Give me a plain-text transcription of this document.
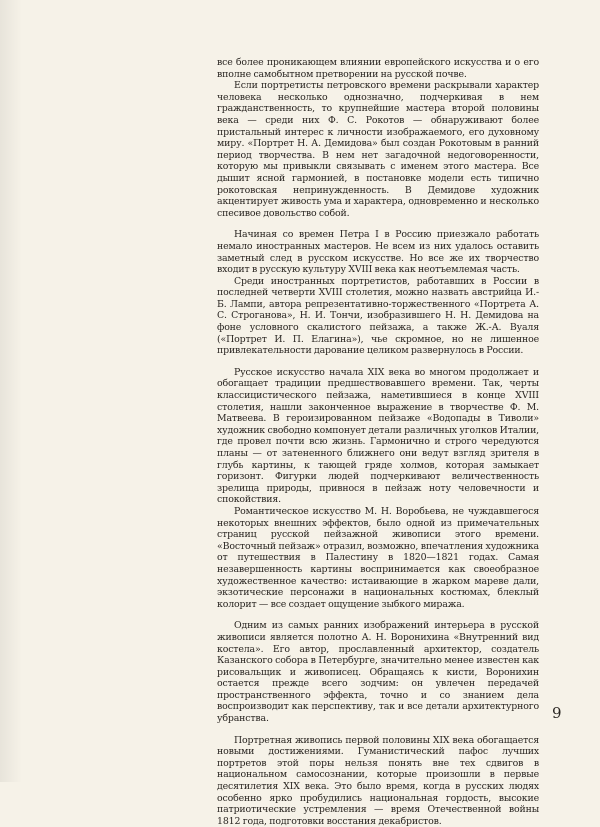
все более проникающем влиянии европейского искусства и о его вполне самобытном претворении на русской почве.

Если портретисты петровского времени раскрывали характер человека несколько однозначно, подчеркивая в нем гражданственность, то крупнейшие мастера второй половины века — среди них Ф. С. Рокотов — обнаруживают более пристальный интерес к личности изображаемого, его духовному миру. «Портрет Н. А. Демидова» был создан Рокотовым в ранний период творчества. В нем нет загадочной недоговоренности, которую мы привыкли связывать с именем этого мастера. Все дышит ясной гармонией, в постановке модели есть типично рокотовская непринужденность. В Демидове художник акцентирует живость ума и характера, одновременно и несколько спесивое довольство собой.

Начиная со времен Петра I в Россию приезжало работать немало иностранных мастеров. Не всем из них удалось оставить заметный след в русском искусстве. Но все же их творчество входит в русскую культуру XVIII века как неотъемлемая часть.

Среди иностранных портретистов, работавших в России в последней четверти XVIII столетия, можно назвать австрийца И.-Б. Лампи, автора репрезентативно-торжественного «Портрета А. С. Строганова», Н. И. Тончи, изобразившего Н. Н. Демидова на фоне условного скалистого пейзажа, а также Ж.-А. Вуаля («Портрет И. П. Елагина»), чье скромное, но не лишенное привлекательности дарование целиком развернулось в России.

Русское искусство начала XIX века во многом продолжает и обогащает традиции предшествовавшего времени. Так, черты классицистического пейзажа, наметившиеся в конце XVIII столетия, нашли законченное выражение в творчестве Ф. М. Матвеева. В героизированном пейзаже «Водопады в Тиволи» художник свободно компонует детали различных уголков Италии, где провел почти всю жизнь. Гармонично и строго чередуются планы — от затененного ближнего они ведут взгляд зрителя в глубь картины, к тающей гряде холмов, которая замыкает горизонт. Фигурки людей подчеркивают величественность зрелища природы, привнося в пейзаж ноту человечности и спокойствия.

Романтическое искусство М. Н. Воробьева, не чуждавшегося некоторых внешних эффектов, было одной из примечательных страниц русской пейзажной живописи этого времени. «Восточный пейзаж» отразил, возможно, впечатления художника от путешествия в Палестину в 1820—1821 годах. Самая незавершенность картины воспринимается как своеобразное художественное качество: истаивающие в жарком мареве дали, экзотические персонажи в национальных костюмах, блеклый колорит — все создает ощущение зыбкого миража.

Одним из самых ранних изображений интерьера в русской живописи является полотно А. Н. Воронихина «Внутренний вид костела». Его автор, прославленный архитектор, создатель Казанского собора в Петербурге, значительно менее известен как рисовальщик и живописец. Обращаясь к кисти, Воронихин остается прежде всего зодчим: он увлечен передачей пространственного эффекта, точно и со знанием дела воспроизводит как перспективу, так и все детали архитектурного убранства.

Портретная живопись первой половины XIX века обогащается новыми достижениями. Гуманистический пафос лучших портретов этой поры нельзя понять вне тех сдвигов в национальном самосознании, которые произошли в первые десятилетия XIX века. Это было время, когда в русских людях особенно ярко пробудились национальная гордость, высокие патриотические устремления — время Отечественной войны 1812 года, подготовки восстания декабристов.

9
